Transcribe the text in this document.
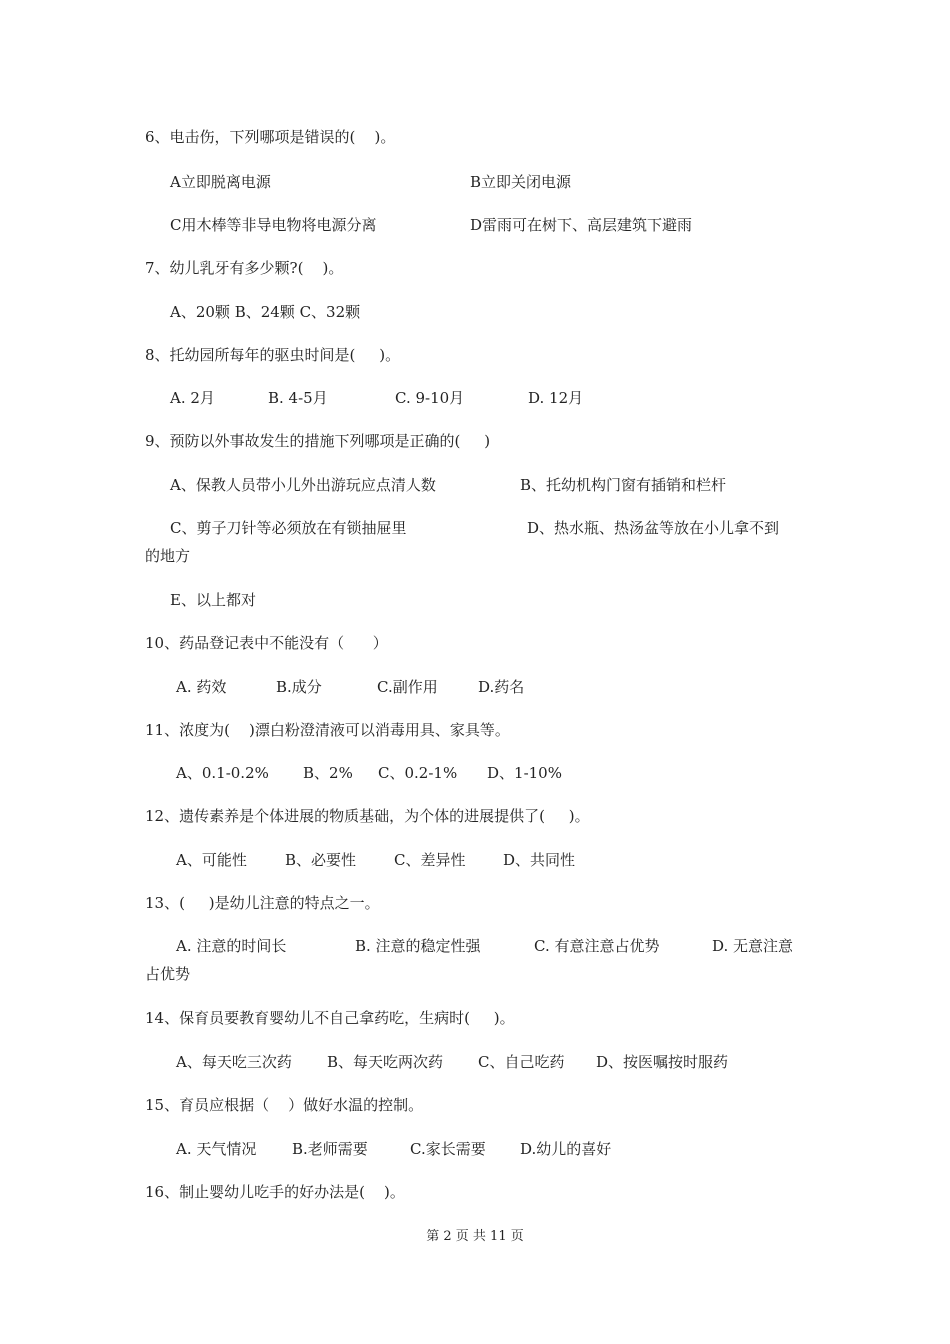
6、电击伤，下列哪项是错误的(    )。
A立即脱离电源	B立即关闭电源
C用木棒等非导电物将电源分离	D雷雨可在树下、高层建筑下避雨
7、幼儿乳牙有多少颗?(    )。
A、20颗 B、24颗 C、32颗
8、托幼园所每年的驱虫时间是(     )。
A. 2月	B. 4-5月	C. 9-10月	D. 12月
9、预防以外事故发生的措施下列哪项是正确的(     )
A、保教人员带小儿外出游玩应点清人数	B、托幼机构门窗有插销和栏杆
C、剪子刀针等必须放在有锁抽屉里	D、热水瓶、热汤盆等放在小儿拿不到
的地方
E、以上都对
10、药品登记表中不能没有（      ）
A. 药效	B.成分	C.副作用	D.药名
11、浓度为(    )漂白粉澄清液可以消毒用具、家具等。
A、0.1-0.2% B、2% C、0.2-1% D、1-10%
12、遗传素养是个体进展的物质基础，为个体的进展提供了(     )。
A、可能性	B、必要性	C、差异性	D、共同性
13、(     )是幼儿注意的特点之一。
A. 注意的时间长	B. 注意的稳定性强	C. 有意注意占优势	D. 无意注意
占优势
14、保育员要教育婴幼儿不自己拿药吃，生病时(     )。
A、每天吃三次药 B、每天吃两次药 C、自己吃药 D、按医嘱按时服药
15、育员应根据（    ）做好水温的控制。
A. 天气情况 B.老师需要	C.家长需要 D.幼儿的喜好
16、制止婴幼儿吃手的好办法是(    )。
第 2 页 共 11 页
